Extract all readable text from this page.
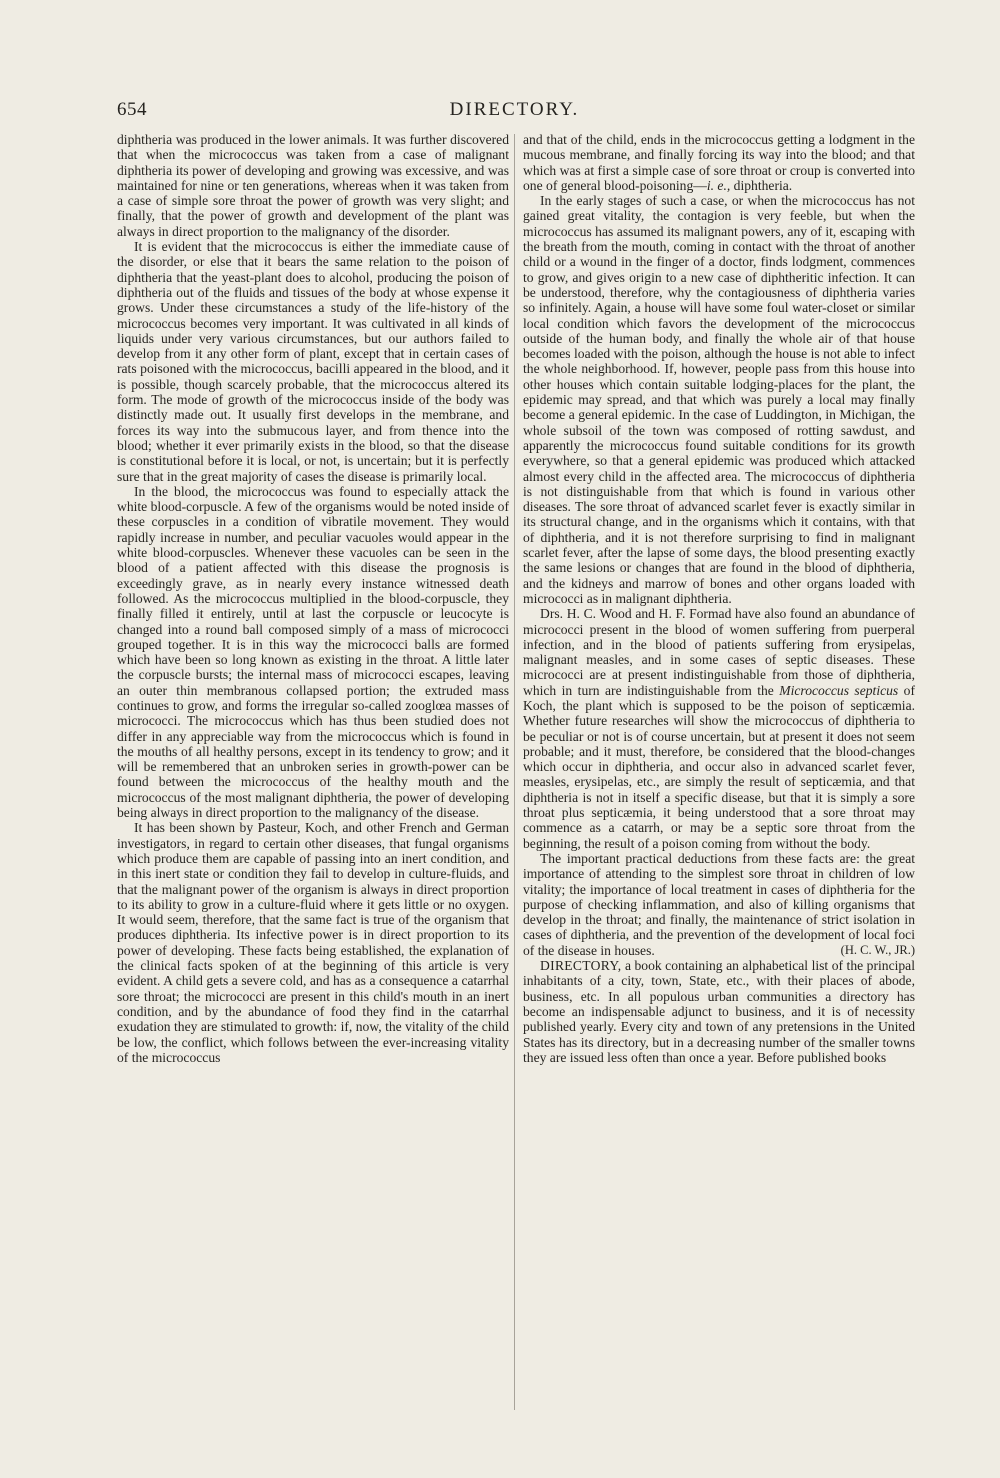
654	DIRECTORY.

diphtheria was produced in the lower animals. It was further discovered that when the micrococcus was taken from a case of malignant diphtheria its power of developing and growing was excessive, and was maintained for nine or ten generations, whereas when it was taken from a case of simple sore throat the power of growth was very slight; and finally, that the power of growth and development of the plant was always in direct proportion to the malignancy of the disorder.

It is evident that the micrococcus is either the immediate cause of the disorder, or else that it bears the same relation to the poison of diphtheria that the yeast-plant does to alcohol, producing the poison of diphtheria out of the fluids and tissues of the body at whose expense it grows. Under these circumstances a study of the life-history of the micrococcus becomes very important. It was cultivated in all kinds of liquids under very various circumstances, but our authors failed to develop from it any other form of plant, except that in certain cases of rats poisoned with the micrococcus, bacilli appeared in the blood, and it is possible, though scarcely probable, that the micrococcus altered its form. The mode of growth of the micrococcus inside of the body was distinctly made out. It usually first develops in the membrane, and forces its way into the submucous layer, and from thence into the blood; whether it ever primarily exists in the blood, so that the disease is constitutional before it is local, or not, is uncertain; but it is perfectly sure that in the great majority of cases the disease is primarily local.

In the blood, the micrococcus was found to especially attack the white blood-corpuscle. A few of the organisms would be noted inside of these corpuscles in a condition of vibratile movement. They would rapidly increase in number, and peculiar vacuoles would appear in the white blood-corpuscles. Whenever these vacuoles can be seen in the blood of a patient affected with this disease the prognosis is exceedingly grave, as in nearly every instance witnessed death followed. As the micrococcus multiplied in the blood-corpuscle, they finally filled it entirely, until at last the corpuscle or leucocyte is changed into a round ball composed simply of a mass of micrococci grouped together. It is in this way the micrococci balls are formed which have been so long known as existing in the throat. A little later the corpuscle bursts; the internal mass of micrococci escapes, leaving an outer thin membranous collapsed portion; the extruded mass continues to grow, and forms the irregular so-called zooglœa masses of micrococci. The micrococcus which has thus been studied does not differ in any appreciable way from the micrococcus which is found in the mouths of all healthy persons, except in its tendency to grow; and it will be remembered that an unbroken series in growth-power can be found between the micrococcus of the healthy mouth and the micrococcus of the most malignant diphtheria, the power of developing being always in direct proportion to the malignancy of the disease.

It has been shown by Pasteur, Koch, and other French and German investigators, in regard to certain other diseases, that fungal organisms which produce them are capable of passing into an inert condition, and in this inert state or condition they fail to develop in culture-fluids, and that the malignant power of the organism is always in direct proportion to its ability to grow in a culture-fluid where it gets little or no oxygen. It would seem, therefore, that the same fact is true of the organism that produces diphtheria. Its infective power is in direct proportion to its power of developing. These facts being established, the explanation of the clinical facts spoken of at the beginning of this article is very evident. A child gets a severe cold, and has as a consequence a catarrhal sore throat; the micrococci are present in this child's mouth in an inert condition, and by the abundance of food they find in the catarrhal exudation they are stimulated to growth: if, now, the vitality of the child be low, the conflict, which follows between the ever-increasing vitality of the micrococcus

and that of the child, ends in the micrococcus getting a lodgment in the mucous membrane, and finally forcing its way into the blood; and that which was at first a simple case of sore throat or croup is converted into one of general blood-poisoning—i. e., diphtheria.

In the early stages of such a case, or when the micrococcus has not gained great vitality, the contagion is very feeble, but when the micrococcus has assumed its malignant powers, any of it, escaping with the breath from the mouth, coming in contact with the throat of another child or a wound in the finger of a doctor, finds lodgment, commences to grow, and gives origin to a new case of diphtheritic infection. It can be understood, therefore, why the contagiousness of diphtheria varies so infinitely. Again, a house will have some foul water-closet or similar local condition which favors the development of the micrococcus outside of the human body, and finally the whole air of that house becomes loaded with the poison, although the house is not able to infect the whole neighborhood. If, however, people pass from this house into other houses which contain suitable lodging-places for the plant, the epidemic may spread, and that which was purely a local may finally become a general epidemic. In the case of Luddington, in Michigan, the whole subsoil of the town was composed of rotting sawdust, and apparently the micrococcus found suitable conditions for its growth everywhere, so that a general epidemic was produced which attacked almost every child in the affected area. The micrococcus of diphtheria is not distinguishable from that which is found in various other diseases. The sore throat of advanced scarlet fever is exactly similar in its structural change, and in the organisms which it contains, with that of diphtheria, and it is not therefore surprising to find in malignant scarlet fever, after the lapse of some days, the blood presenting exactly the same lesions or changes that are found in the blood of diphtheria, and the kidneys and marrow of bones and other organs loaded with micrococci as in malignant diphtheria.

Drs. H. C. Wood and H. F. Formad have also found an abundance of micrococci present in the blood of women suffering from puerperal infection, and in the blood of patients suffering from erysipelas, malignant measles, and in some cases of septic diseases. These micrococci are at present indistinguishable from those of diphtheria, which in turn are indistinguishable from the Micrococcus septicus of Koch, the plant which is supposed to be the poison of septicæmia. Whether future researches will show the micrococcus of diphtheria to be peculiar or not is of course uncertain, but at present it does not seem probable; and it must, therefore, be considered that the blood-changes which occur in diphtheria, and occur also in advanced scarlet fever, measles, erysipelas, etc., are simply the result of septicæmia, and that diphtheria is not in itself a specific disease, but that it is simply a sore throat plus septicæmia, it being understood that a sore throat may commence as a catarrh, or may be a septic sore throat from the beginning, the result of a poison coming from without the body.

The important practical deductions from these facts are: the great importance of attending to the simplest sore throat in children of low vitality; the importance of local treatment in cases of diphtheria for the purpose of checking inflammation, and also of killing organisms that develop in the throat; and finally, the maintenance of strict isolation in cases of diphtheria, and the prevention of the development of local foci of the disease in houses.	(H. C. W., JR.)

DIRECTORY, a book containing an alphabetical list of the principal inhabitants of a city, town, State, etc., with their places of abode, business, etc. In all populous urban communities a directory has become an indispensable adjunct to business, and it is of necessity published yearly. Every city and town of any pretensions in the United States has its directory, but in a decreasing number of the smaller towns they are issued less often than once a year. Before published books
